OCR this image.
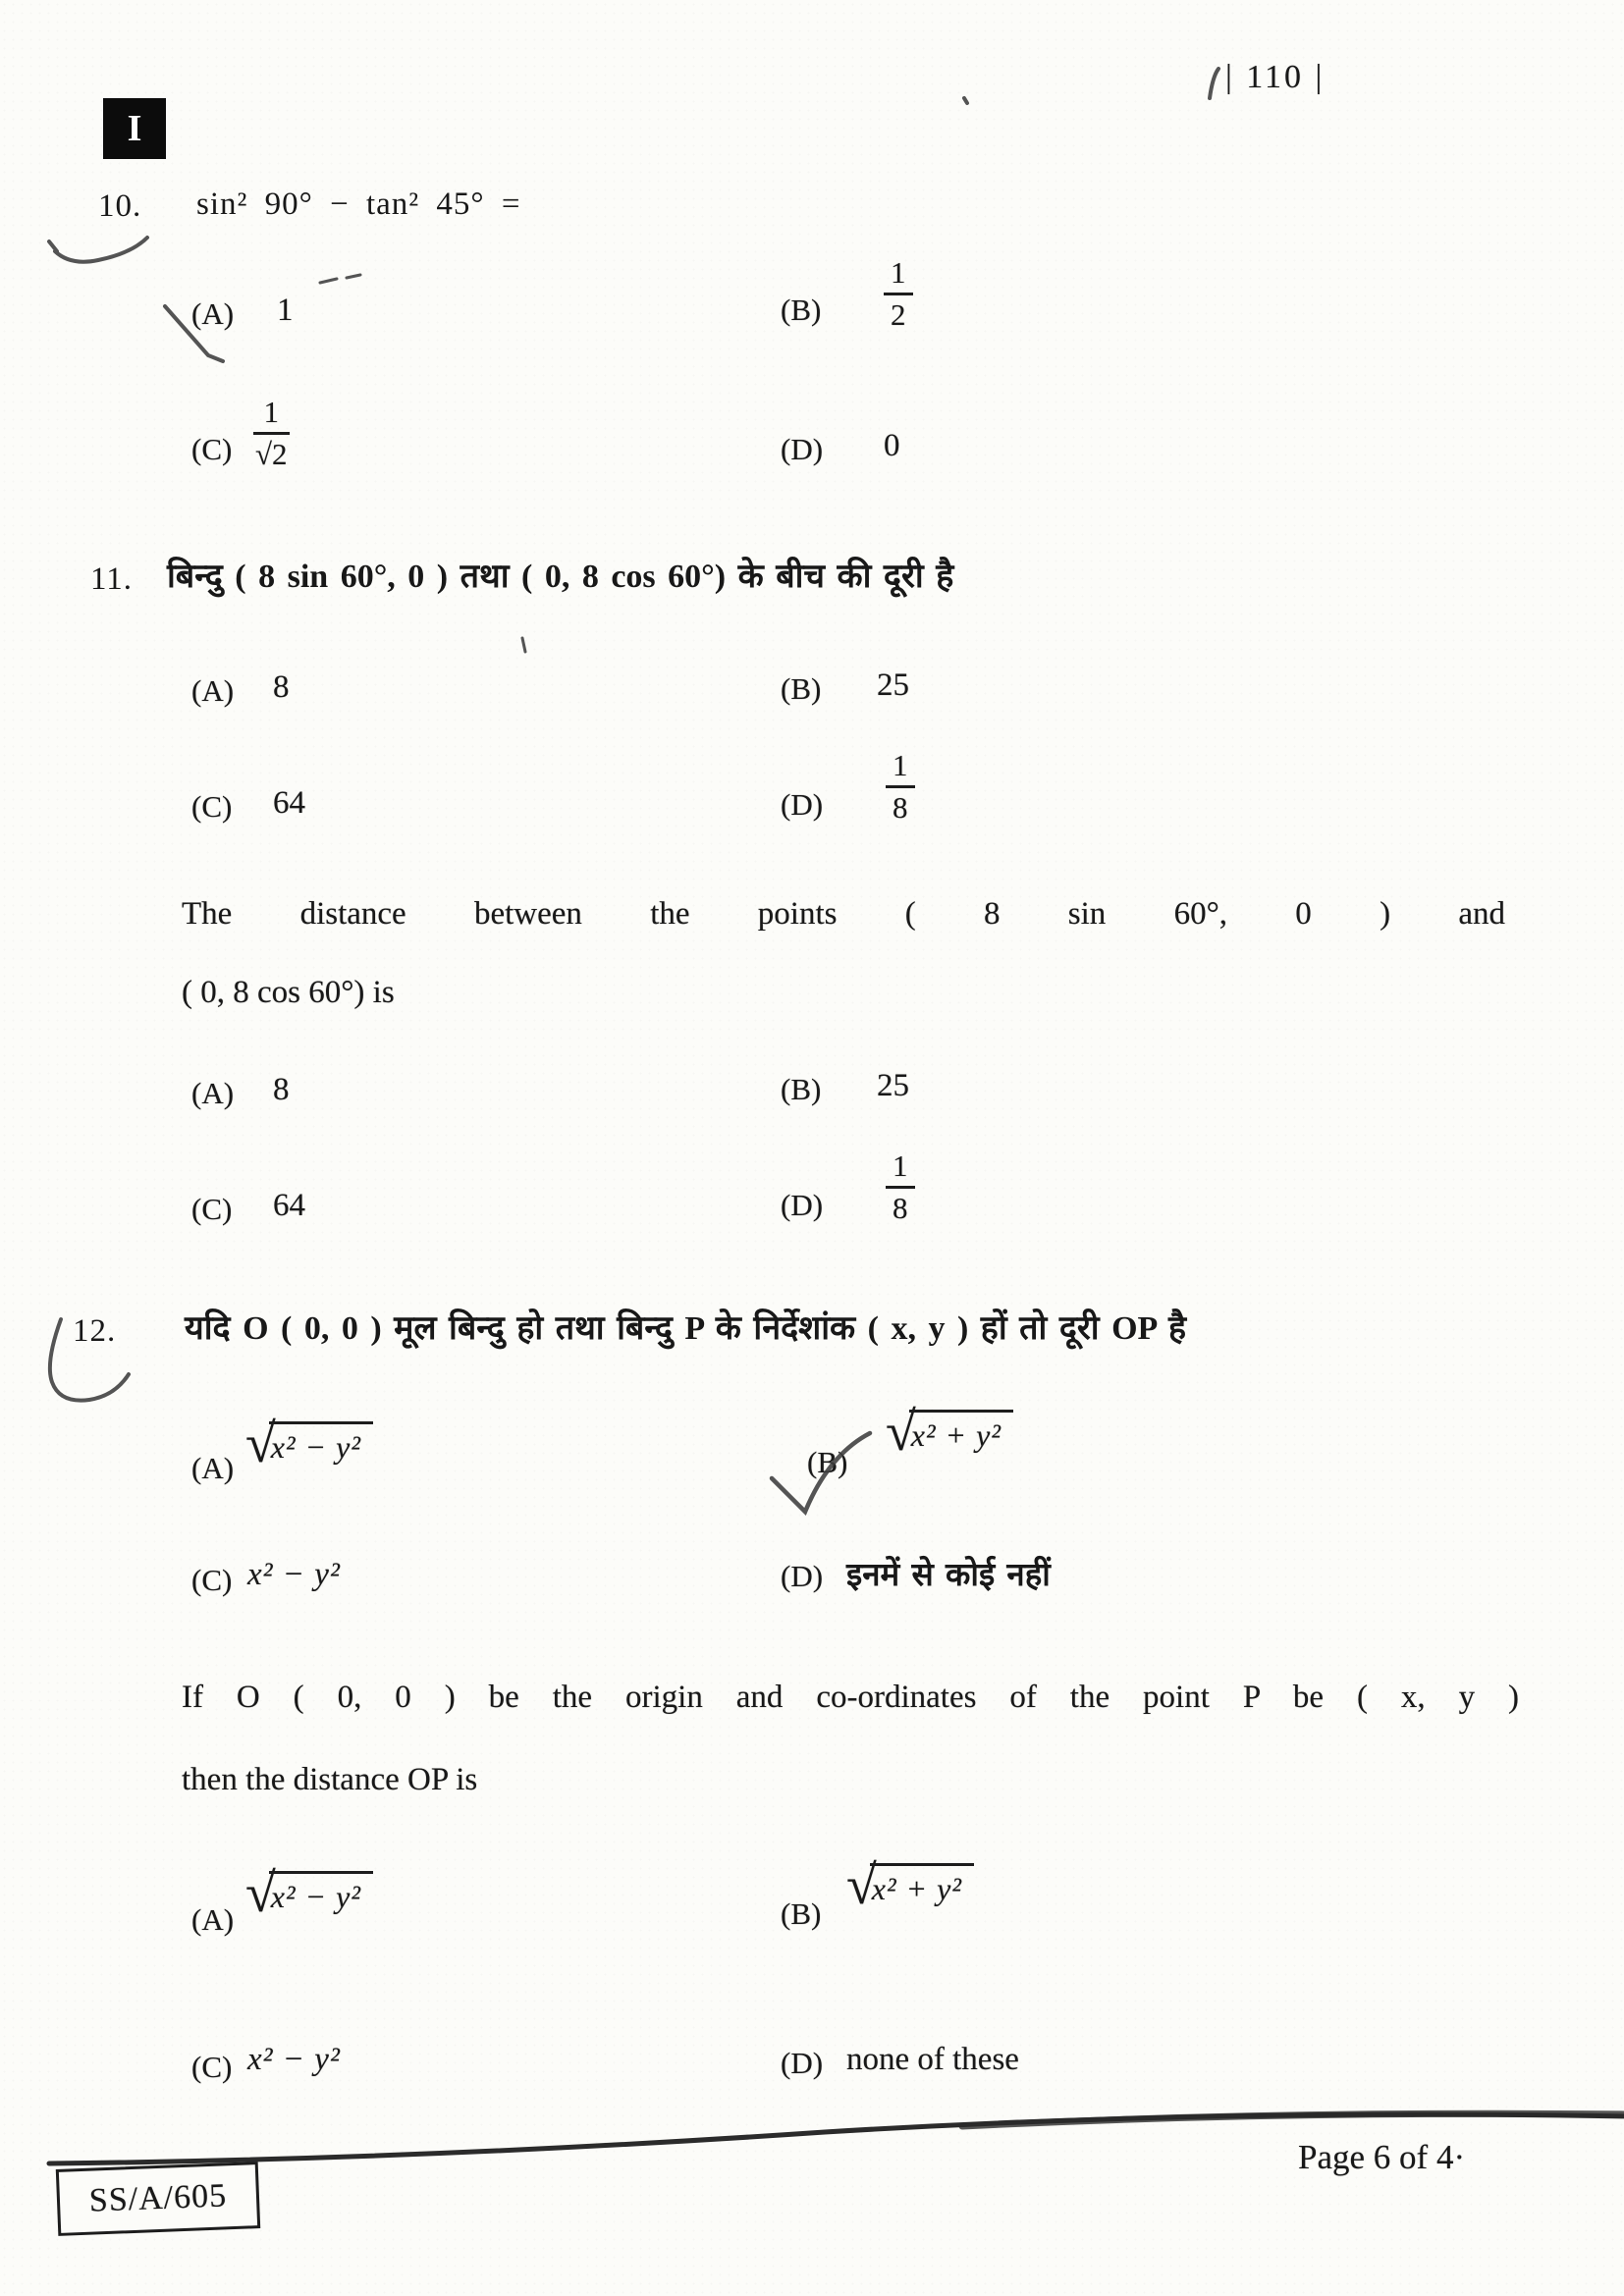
| 110 |
I
10. sin² 90° − tan² 45° =
(A) 1	$(B) \frac{1}{2}$
$(C) \frac{1}{√2}$	(D) 0
11. बिन्दु ( 8 sin 60°, 0 ) तथा ( 0, 8 cos 60°) के बीच की दूरी है
(A) 8	(B) 25
(C) 64	$(D) \frac{1}{8}$
The distance between the points ( 8 sin 60°, 0 ) and
( 0, 8 cos 60°) is
(A) 8	(B) 25
(C) 64	$(D) \frac{1}{8}$
12. यदि O ( 0, 0 ) मूल बिन्दु हो तथा बिन्दु P के निर्देशांक ( x, y ) हों तो दूरी OP है
(A) √
x² − y²	(B) √
x² + y²
(C) x² − y²	(D) इनमें से कोई नहीं
If O ( 0, 0 ) be the origin and co-ordinates of the point P be ( x, y )
then the distance OP is
(A) √
x² − y²	(B) √
x² + y²
(C) x² − y²	(D) none of these
SS/A/605
Page 6 of 4·
